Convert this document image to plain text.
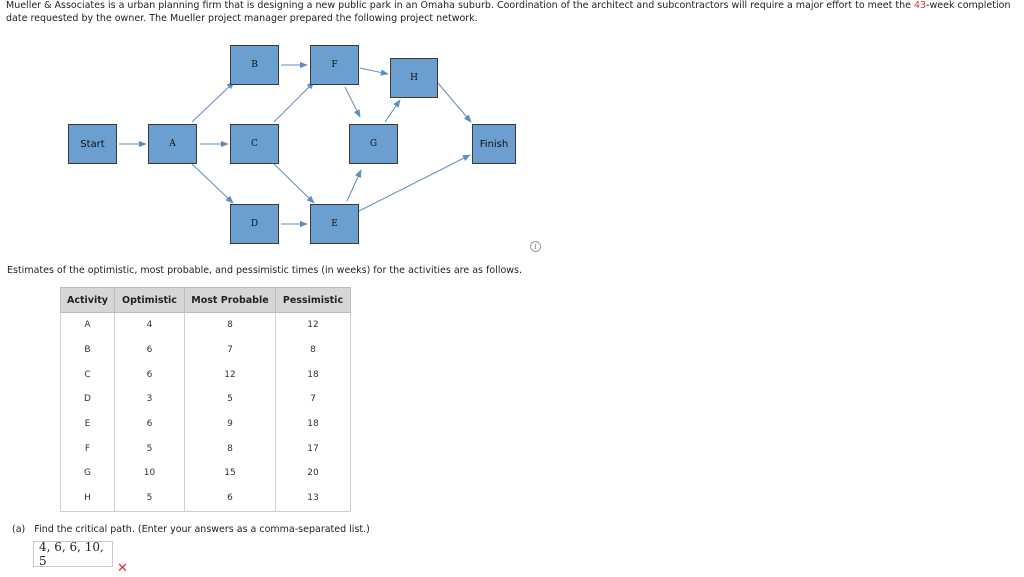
Mueller & Associates is a urban planning firm that is designing a new public park in an Omaha suburb. Coordination of the architect and subcontractors will require a major effort to meet the 43-week completion date requested by the owner. The Mueller project manager prepared the following project network.
Start	A
B
C
D
F
E
G
H
Finish
i
Estimates of the optimistic, most probable, and pessimistic times (in weeks) for the activities are as follows.
Activity	Optimistic	Most Probable	Pessimistic
A	4	8	12
B	6	7	8
C	6	12	18
D	3	5	7
E	6	9	18
F	5	8	17
G	10	15	20
H	5	6	13
(a) Find the critical path. (Enter your answers as a comma-separated list.)
4, 6, 6, 10, 5	✕
